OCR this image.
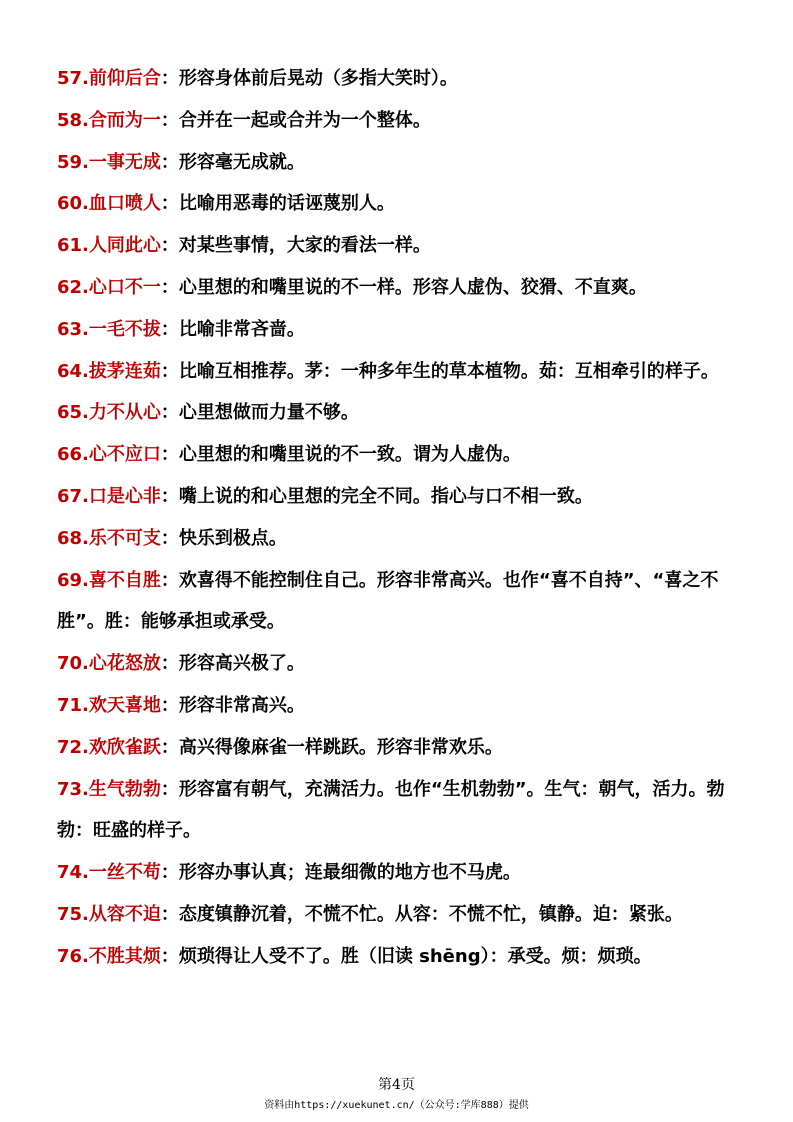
57.前仰后合：形容身体前后晃动（多指大笑时）。

58.合而为一：合并在一起或合并为一个整体。

59.一事无成：形容毫无成就。

60.血口喷人：比喻用恶毒的话诬蔑别人。

61.人同此心：对某些事情，大家的看法一样。

62.心口不一：心里想的和嘴里说的不一样。形容人虚伪、狡猾、不直爽。

63.一毛不拔：比喻非常吝啬。

64.拔茅连茹：比喻互相推荐。茅：一种多年生的草本植物。茹：互相牵引的样子。

65.力不从心：心里想做而力量不够。

66.心不应口：心里想的和嘴里说的不一致。谓为人虚伪。

67.口是心非：嘴上说的和心里想的完全不同。指心与口不相一致。

68.乐不可支：快乐到极点。

69.喜不自胜：欢喜得不能控制住自己。形容非常高兴。也作“喜不自持”、“喜之不胜”。胜：能够承担或承受。

70.心花怒放：形容高兴极了。

71.欢天喜地：形容非常高兴。

72.欢欣雀跃：高兴得像麻雀一样跳跃。形容非常欢乐。

73.生气勃勃：形容富有朝气，充满活力。也作“生机勃勃”。生气：朝气，活力。勃勃：旺盛的样子。

74.一丝不苟：形容办事认真；连最细微的地方也不马虎。

75.从容不迫：态度镇静沉着，不慌不忙。从容：不慌不忙，镇静。迫：紧张。

76.不胜其烦：烦琐得让人受不了。胜（旧读 shēng）：承受。烦：烦琐。

第4页
资料由https://xuekunet.cn/（公众号:学库888）提供
